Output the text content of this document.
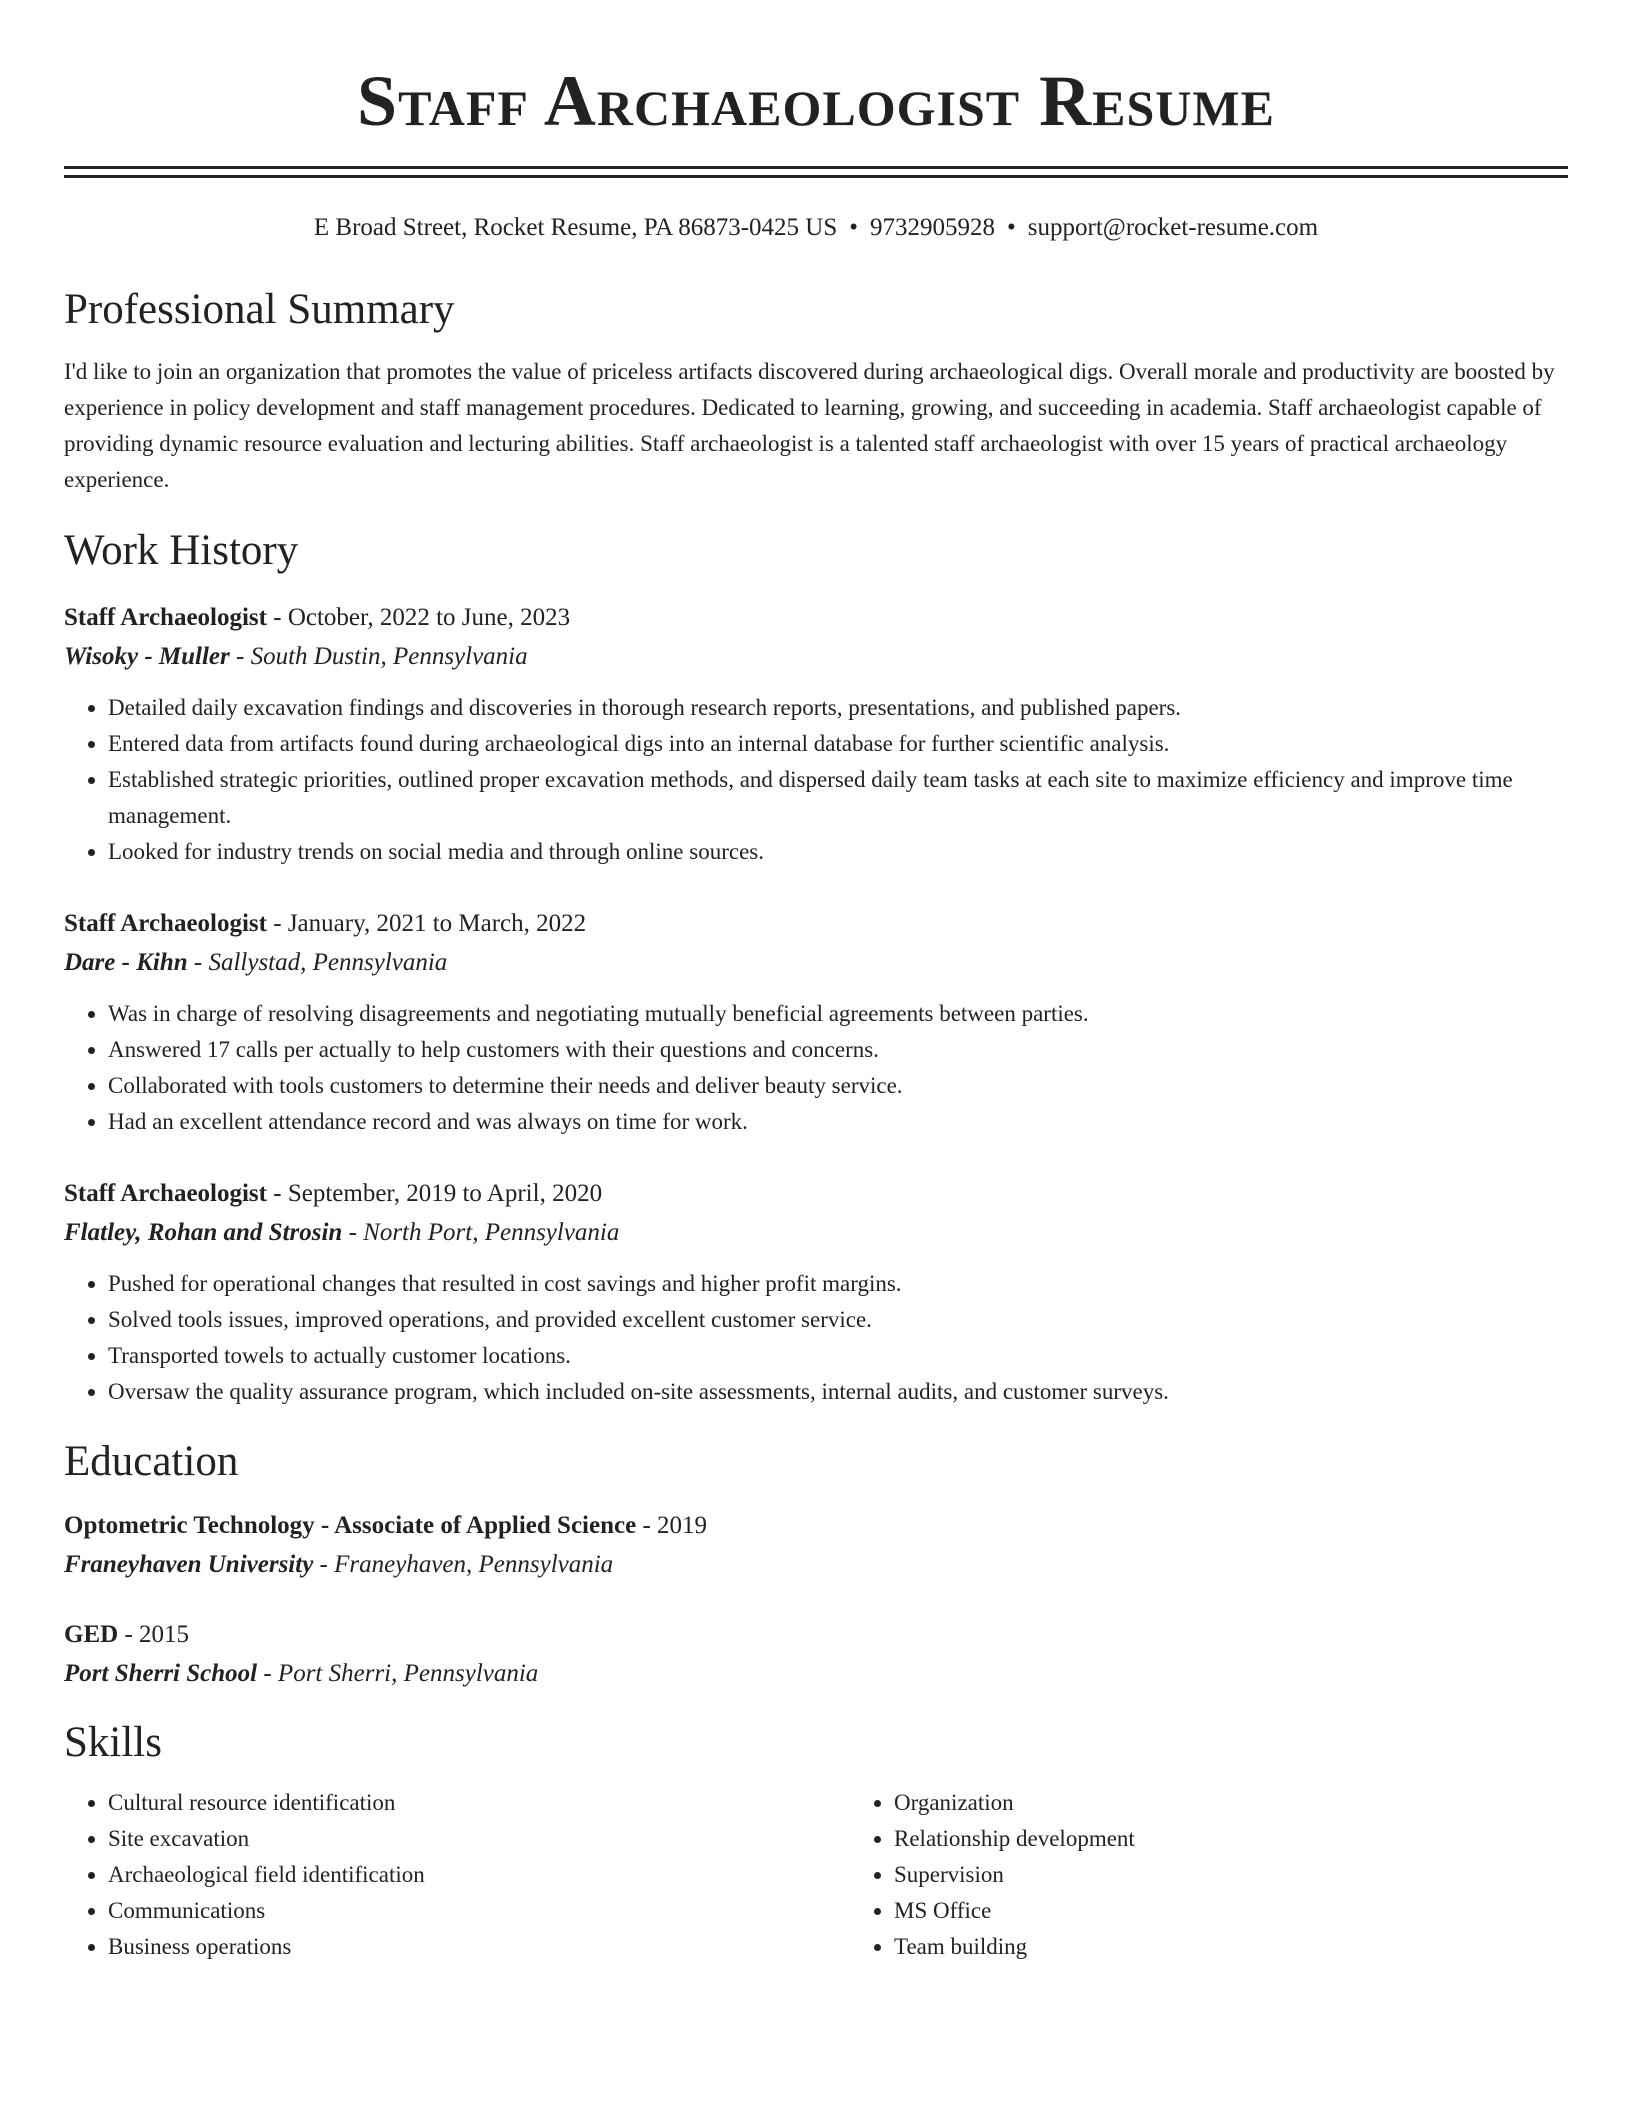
Staff Archaeologist Resume
E Broad Street, Rocket Resume, PA 86873-0425 US • 9732905928 • support@rocket-resume.com
Professional Summary

I'd like to join an organization that promotes the value of priceless artifacts discovered during archaeological digs. Overall morale and productivity are boosted by experience in policy development and staff management procedures. Dedicated to learning, growing, and succeeding in academia. Staff archaeologist capable of providing dynamic resource evaluation and lecturing abilities. Staff archaeologist is a talented staff archaeologist with over 15 years of practical archaeology experience.

Work History
Staff Archaeologist - October, 2022 to June, 2023
Wisoky - Muller - South Dustin, Pennsylvania
• Detailed daily excavation findings and discoveries in thorough research reports, presentations, and published papers.
• Entered data from artifacts found during archaeological digs into an internal database for further scientific analysis.
• Established strategic priorities, outlined proper excavation methods, and dispersed daily team tasks at each site to maximize efficiency and improve time management.
• Looked for industry trends on social media and through online sources.
Staff Archaeologist - January, 2021 to March, 2022
Dare - Kihn - Sallystad, Pennsylvania
• Was in charge of resolving disagreements and negotiating mutually beneficial agreements between parties.
• Answered 17 calls per actually to help customers with their questions and concerns.
• Collaborated with tools customers to determine their needs and deliver beauty service.
• Had an excellent attendance record and was always on time for work.
Staff Archaeologist - September, 2019 to April, 2020
Flatley, Rohan and Strosin - North Port, Pennsylvania
• Pushed for operational changes that resulted in cost savings and higher profit margins.
• Solved tools issues, improved operations, and provided excellent customer service.
• Transported towels to actually customer locations.
• Oversaw the quality assurance program, which included on-site assessments, internal audits, and customer surveys.
Education
Optometric Technology - Associate of Applied Science - 2019
Franeyhaven University - Franeyhaven, Pennsylvania
GED - 2015
Port Sherri School - Port Sherri, Pennsylvania
Skills
• Cultural resource identification
• Site excavation
• Archaeological field identification
• Communications
• Business operations
• Organization
• Relationship development
• Supervision
• MS Office
• Team building
